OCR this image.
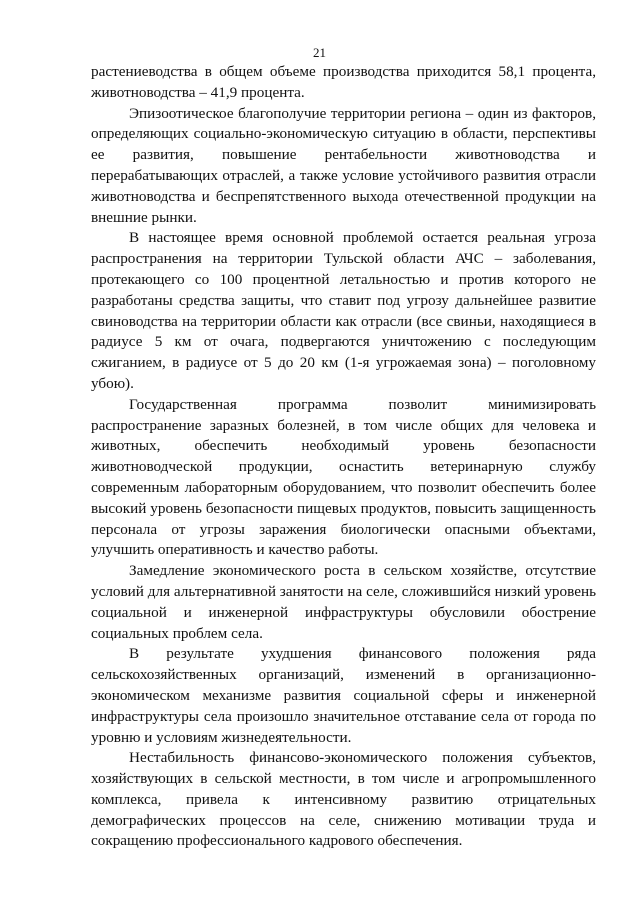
21

растениеводства в общем объеме производства приходится 58,1 процента, животноводства – 41,9 процента.

Эпизоотическое благополучие территории региона – один из факторов, определяющих социально-экономическую ситуацию в области, перспективы ее развития, повышение рентабельности животноводства и перерабатывающих отраслей, а также условие устойчивого развития отрасли животноводства и беспрепятственного выхода отечественной продукции на внешние рынки.

В настоящее время основной проблемой остается реальная угроза распространения на территории Тульской области АЧС – заболевания, протекающего со 100 процентной летальностью и против которого не разработаны средства защиты, что ставит под угрозу дальнейшее развитие свиноводства на территории области как отрасли (все свиньи, находящиеся в радиусе 5 км от очага, подвергаются уничтожению с последующим сжиганием, в радиусе от 5 до 20 км (1-я угрожаемая зона) – поголовному убою).

Государственная программа позволит минимизировать распространение заразных болезней, в том числе общих для человека и животных, обеспечить необходимый уровень безопасности животноводческой продукции, оснастить ветеринарную службу современным лабораторным оборудованием, что позволит обеспечить более высокий уровень безопасности пищевых продуктов, повысить защищенность персонала от угрозы заражения биологически опасными объектами, улучшить оперативность и качество работы.

Замедление экономического роста в сельском хозяйстве, отсутствие условий для альтернативной занятости на селе, сложившийся низкий уровень социальной и инженерной инфраструктуры обусловили обострение социальных проблем села.

В результате ухудшения финансового положения ряда сельскохозяйственных организаций, изменений в организационно-экономическом механизме развития социальной сферы и инженерной инфраструктуры села произошло значительное отставание села от города по уровню и условиям жизнедеятельности.

Нестабильность финансово-экономического положения субъектов, хозяйствующих в сельской местности, в том числе и агропромышленного комплекса, привела к интенсивному развитию отрицательных демографических процессов на селе, снижению мотивации труда и сокращению профессионального кадрового обеспечения.
